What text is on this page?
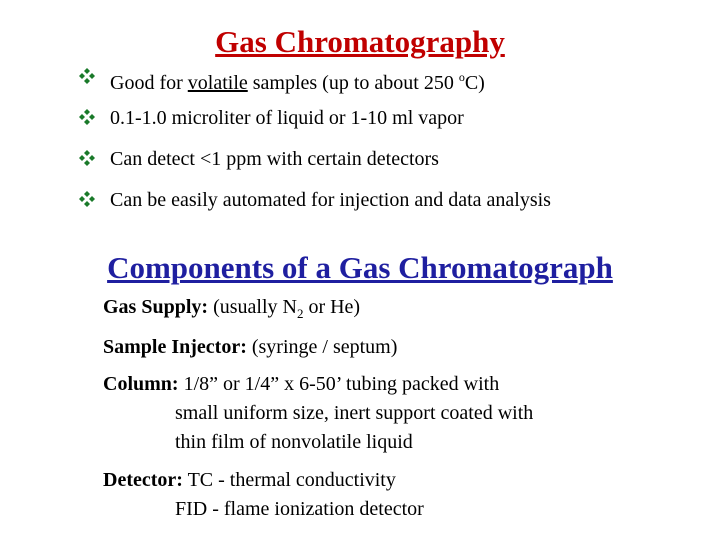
Gas Chromatography
Good for volatile samples (up to about 250 $^o$C)
0.1-1.0 microliter of liquid or 1-10 ml vapor
Can detect <1 ppm with certain detectors
Can be easily automated for injection and data analysis
Components of a Gas Chromatograph
Gas Supply: (usually $N_2$ or He)
Sample Injector: (syringe / septum)
Column: 1/8” or 1/4” x 6-50’ tubing packed with
small uniform size, inert support coated with
thin film of nonvolatile liquid
Detector: TC - thermal conductivity
FID - flame ionization detector
